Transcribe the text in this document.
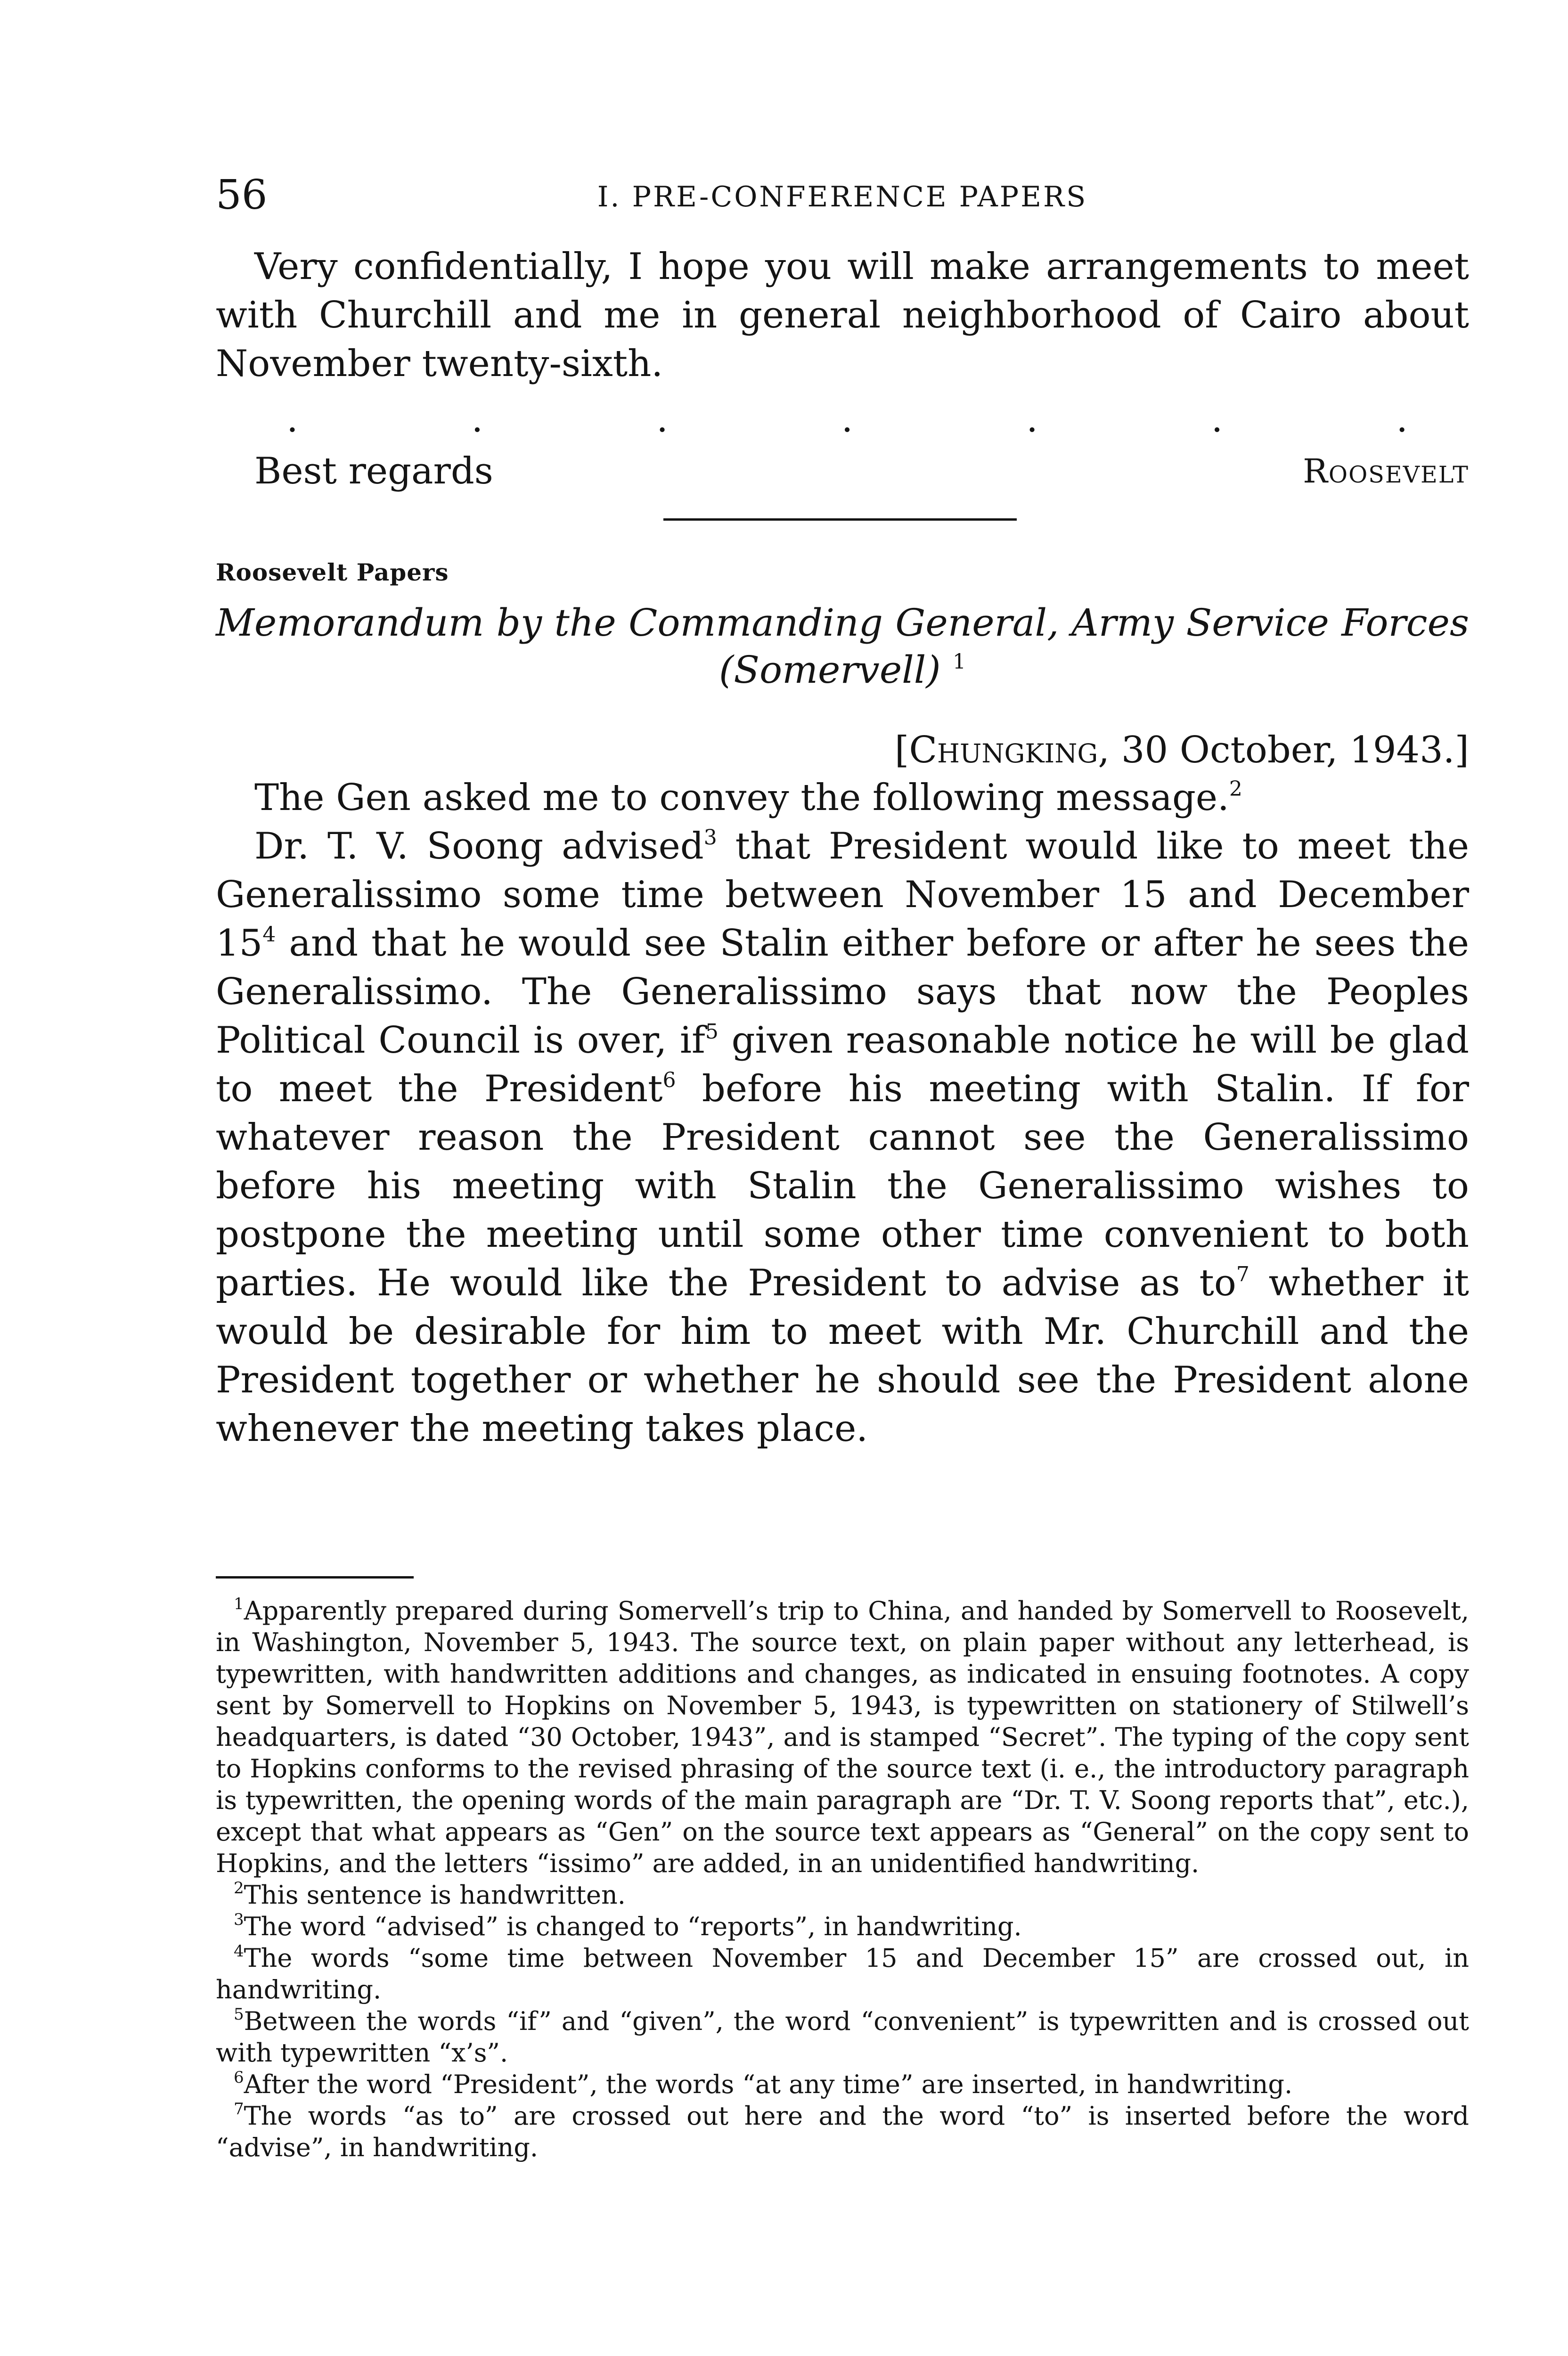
56	I. PRE-CONFERENCE PAPERS

Very confidentially, I hope you will make arrangements to meet with Churchill and me in general neighborhood of Cairo about November twenty-sixth.

.	.	.	.	.	.	.
Best regards	Roosevelt
Roosevelt Papers

Memorandum by the Commanding General, Army Service Forces

(Somervell) $^1$
[Chungking, 30 October, 1943.]

The Gen asked me to convey the following message.$^2$

Dr. T. V. Soong advised$^3$ that President would like to meet the Generalissimo some time between November 15 and December $15^4$ and that he would see Stalin either before or after he sees the Generalissimo. The Generalissimo says that now the Peoples Political Council is over, $if^5$ given reasonable notice he will be glad to meet the President$^6$ before his meeting with Stalin. If for whatever reason the President cannot see the Generalissimo before his meeting with Stalin the Generalissimo wishes to postpone the meeting until some other time convenient to both parties. He would like the President to advise as $to^7$ whether it would be desirable for him to meet with Mr. Churchill and the President together or whether he should see the President alone whenever the meeting takes place.

$^1$Apparently prepared during Somervell’s trip to China, and handed by Somervell to Roosevelt, in Washington, November 5, 1943. The source text, on plain paper without any letterhead, is typewritten, with handwritten additions and changes, as indicated in ensuing footnotes. A copy sent by Somervell to Hopkins on November 5, 1943, is typewritten on stationery of Stilwell’s headquarters, is dated “30 October, 1943”, and is stamped “Secret”. The typing of the copy sent to Hopkins conforms to the revised phrasing of the source text (i. e., the introductory paragraph is typewritten, the opening words of the main paragraph are “Dr. T. V. Soong reports that”, etc.), except that what appears as “Gen” on the source text appears as “General” on the copy sent to Hopkins, and the letters “issimo” are added, in an unidentified handwriting.

$^2$This sentence is handwritten.

$^3$The word “advised” is changed to “reports”, in handwriting.

$^4$The words “some time between November 15 and December 15” are crossed out, in handwriting.

$^5$Between the words “if” and “given”, the word “convenient” is typewritten and is crossed out with typewritten “x’s”.

$^6$After the word “President”, the words “at any time” are inserted, in handwriting.

$^7$The words “as to” are crossed out here and the word “to” is inserted before the word “advise”, in handwriting.
